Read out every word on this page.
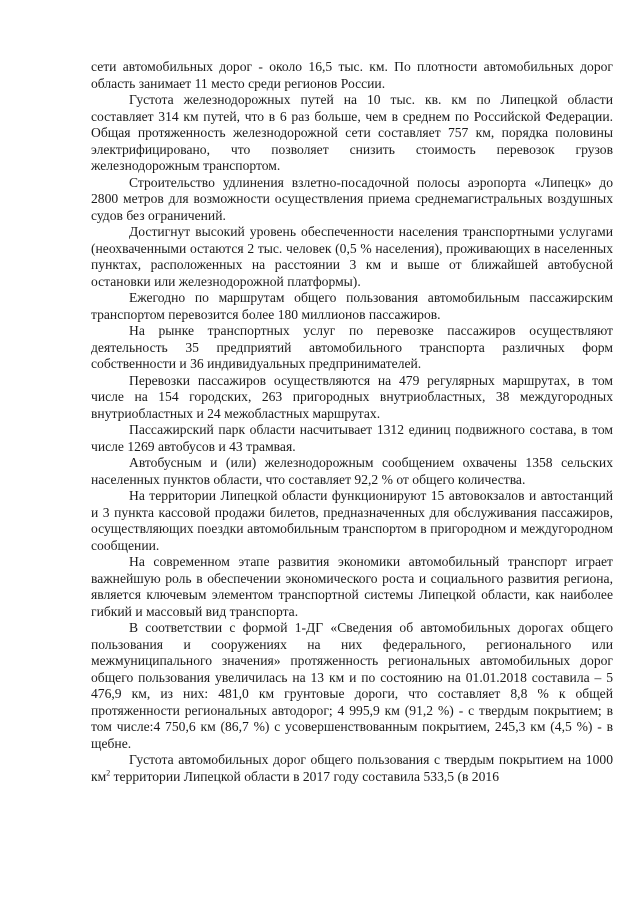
сети автомобильных дорог - около 16,5 тыс. км. По плотности автомобильных дорог область занимает 11 место среди регионов России.

Густота железнодорожных путей на 10 тыс. кв. км по Липецкой области составляет 314 км путей, что в 6 раз больше, чем в среднем по Российской Федерации. Общая протяженность железнодорожной сети составляет 757 км, порядка половины электрифицировано, что позволяет снизить стоимость перевозок грузов железнодорожным транспортом.

Строительство удлинения взлетно-посадочной полосы аэропорта «Липецк» до 2800 метров для возможности осуществления приема среднемагистральных воздушных судов без ограничений.

Достигнут высокий уровень обеспеченности населения транспортными услугами (неохваченными остаются 2 тыс. человек (0,5 % населения), проживающих в населенных пунктах, расположенных на расстоянии 3 км и выше от ближайшей автобусной остановки или железнодорожной платформы).

Ежегодно по маршрутам общего пользования автомобильным пассажирским транспортом перевозится более 180 миллионов пассажиров.

На рынке транспортных услуг по перевозке пассажиров осуществляют деятельность 35 предприятий автомобильного транспорта различных форм собственности и 36 индивидуальных предпринимателей.

Перевозки пассажиров осуществляются на 479 регулярных маршрутах, в том числе на 154 городских, 263 пригородных внутриобластных, 38 междугородных внутриобластных и 24 межобластных маршрутах.

Пассажирский парк области насчитывает 1312 единиц подвижного состава, в том числе 1269 автобусов и 43 трамвая.

Автобусным и (или) железнодорожным сообщением охвачены 1358 сельских населенных пунктов области, что составляет 92,2 % от общего количества.

На территории Липецкой области функционируют 15 автовокзалов и автостанций и 3 пункта кассовой продажи билетов, предназначенных для обслуживания пассажиров, осуществляющих поездки автомобильным транспортом в пригородном и междугородном сообщении.

На современном этапе развития экономики автомобильный транспорт играет важнейшую роль в обеспечении экономического роста и социального развития региона, является ключевым элементом транспортной системы Липецкой области, как наиболее гибкий и массовый вид транспорта.

В соответствии с формой 1-ДГ «Сведения об автомобильных дорогах общего пользования и сооружениях на них федерального, регионального или межмуниципального значения» протяженность региональных автомобильных дорог общего пользования увеличилась на 13 км и по состоянию на 01.01.2018 составила – 5 476,9 км, из них: 481,0 км грунтовые дороги, что составляет 8,8 % к общей протяженности региональных автодорог; 4 995,9 км (91,2 %) - с твердым покрытием; в том числе:4 750,6 км (86,7 %) с усовершенствованным покрытием, 245,3 км (4,5 %) - в щебне.

Густота автомобильных дорог общего пользования с твердым покрытием на 1000 $км^2$ территории Липецкой области в 2017 году составила 533,5 (в 2016
